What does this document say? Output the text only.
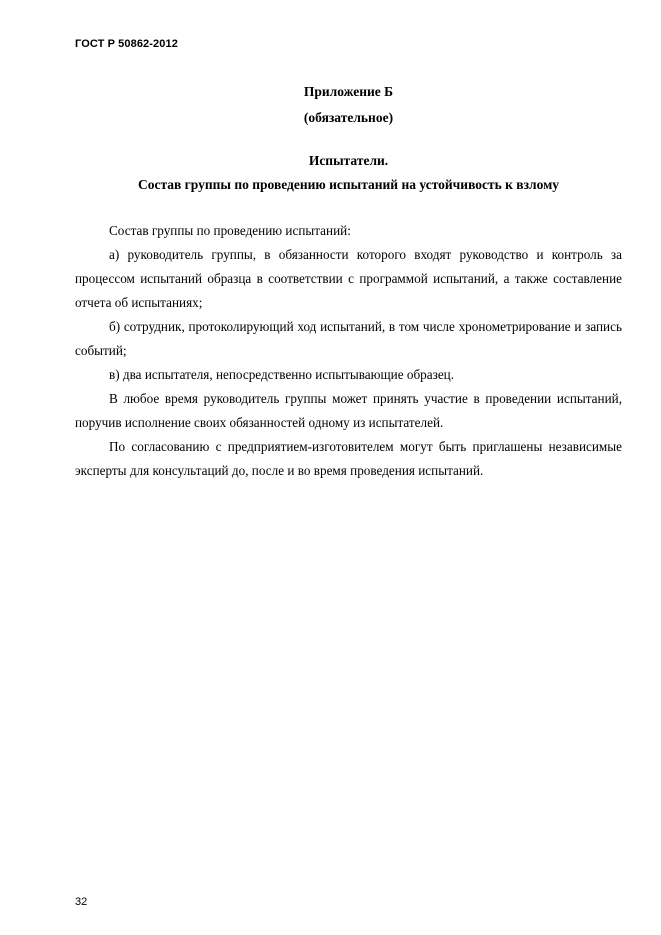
ГОСТ Р 50862-2012
Приложение Б
(обязательное)
Испытатели.
Состав группы по проведению испытаний на устойчивость к взлому

Состав группы по проведению испытаний:

а) руководитель группы, в обязанности которого входят руководство и контроль за процессом испытаний образца в соответствии с программой испытаний, а также составление отчета об испытаниях;

б) сотрудник, протоколирующий ход испытаний, в том числе хронометрирование и запись событий;

в) два испытателя, непосредственно испытывающие образец.

В любое время руководитель группы может принять участие в проведении испытаний, поручив исполнение своих обязанностей одному из испытателей.

По согласованию с предприятием-изготовителем могут быть приглашены независимые эксперты для консультаций до, после и во время проведения испытаний.

32
